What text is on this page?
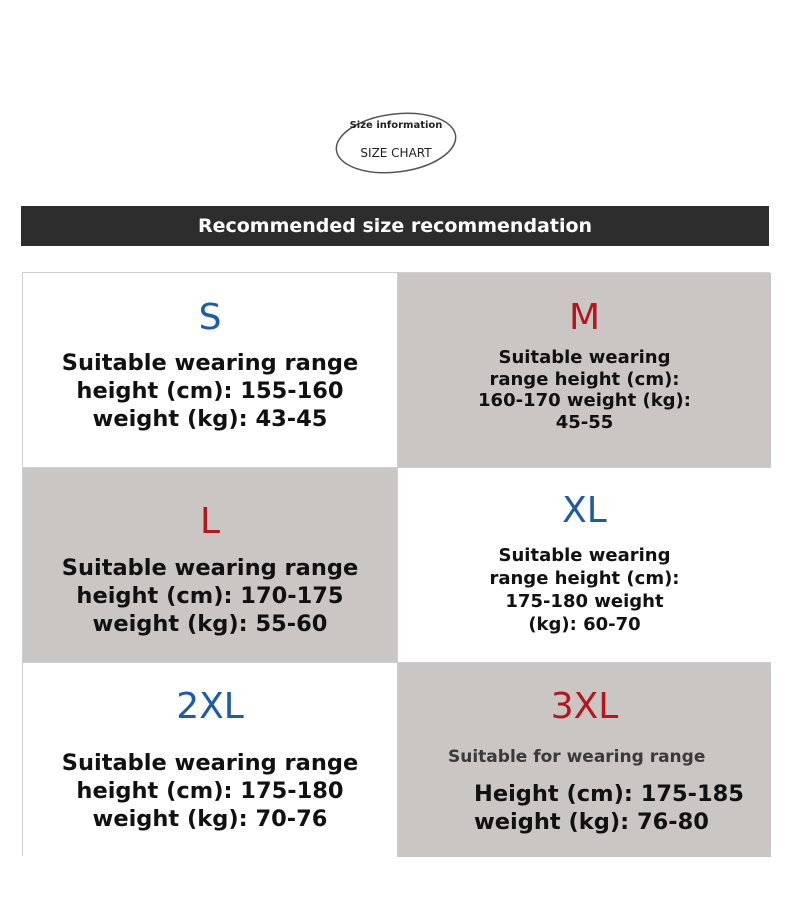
Size information
SIZE CHART
Recommended size recommendation
S
Suitable wearing range
height (cm): 155-160
weight (kg): 43-45
M
Suitable wearing
range height (cm):
160-170 weight (kg):
45-55
L
Suitable wearing range
height (cm): 170-175
weight (kg): 55-60
XL
Suitable wearing
range height (cm):
175-180 weight
(kg): 60-70
2XL
Suitable wearing range
height (cm): 175-180
weight (kg): 70-76
3XL
Suitable for wearing range
Height (cm): 175-185
weight (kg): 76-80
